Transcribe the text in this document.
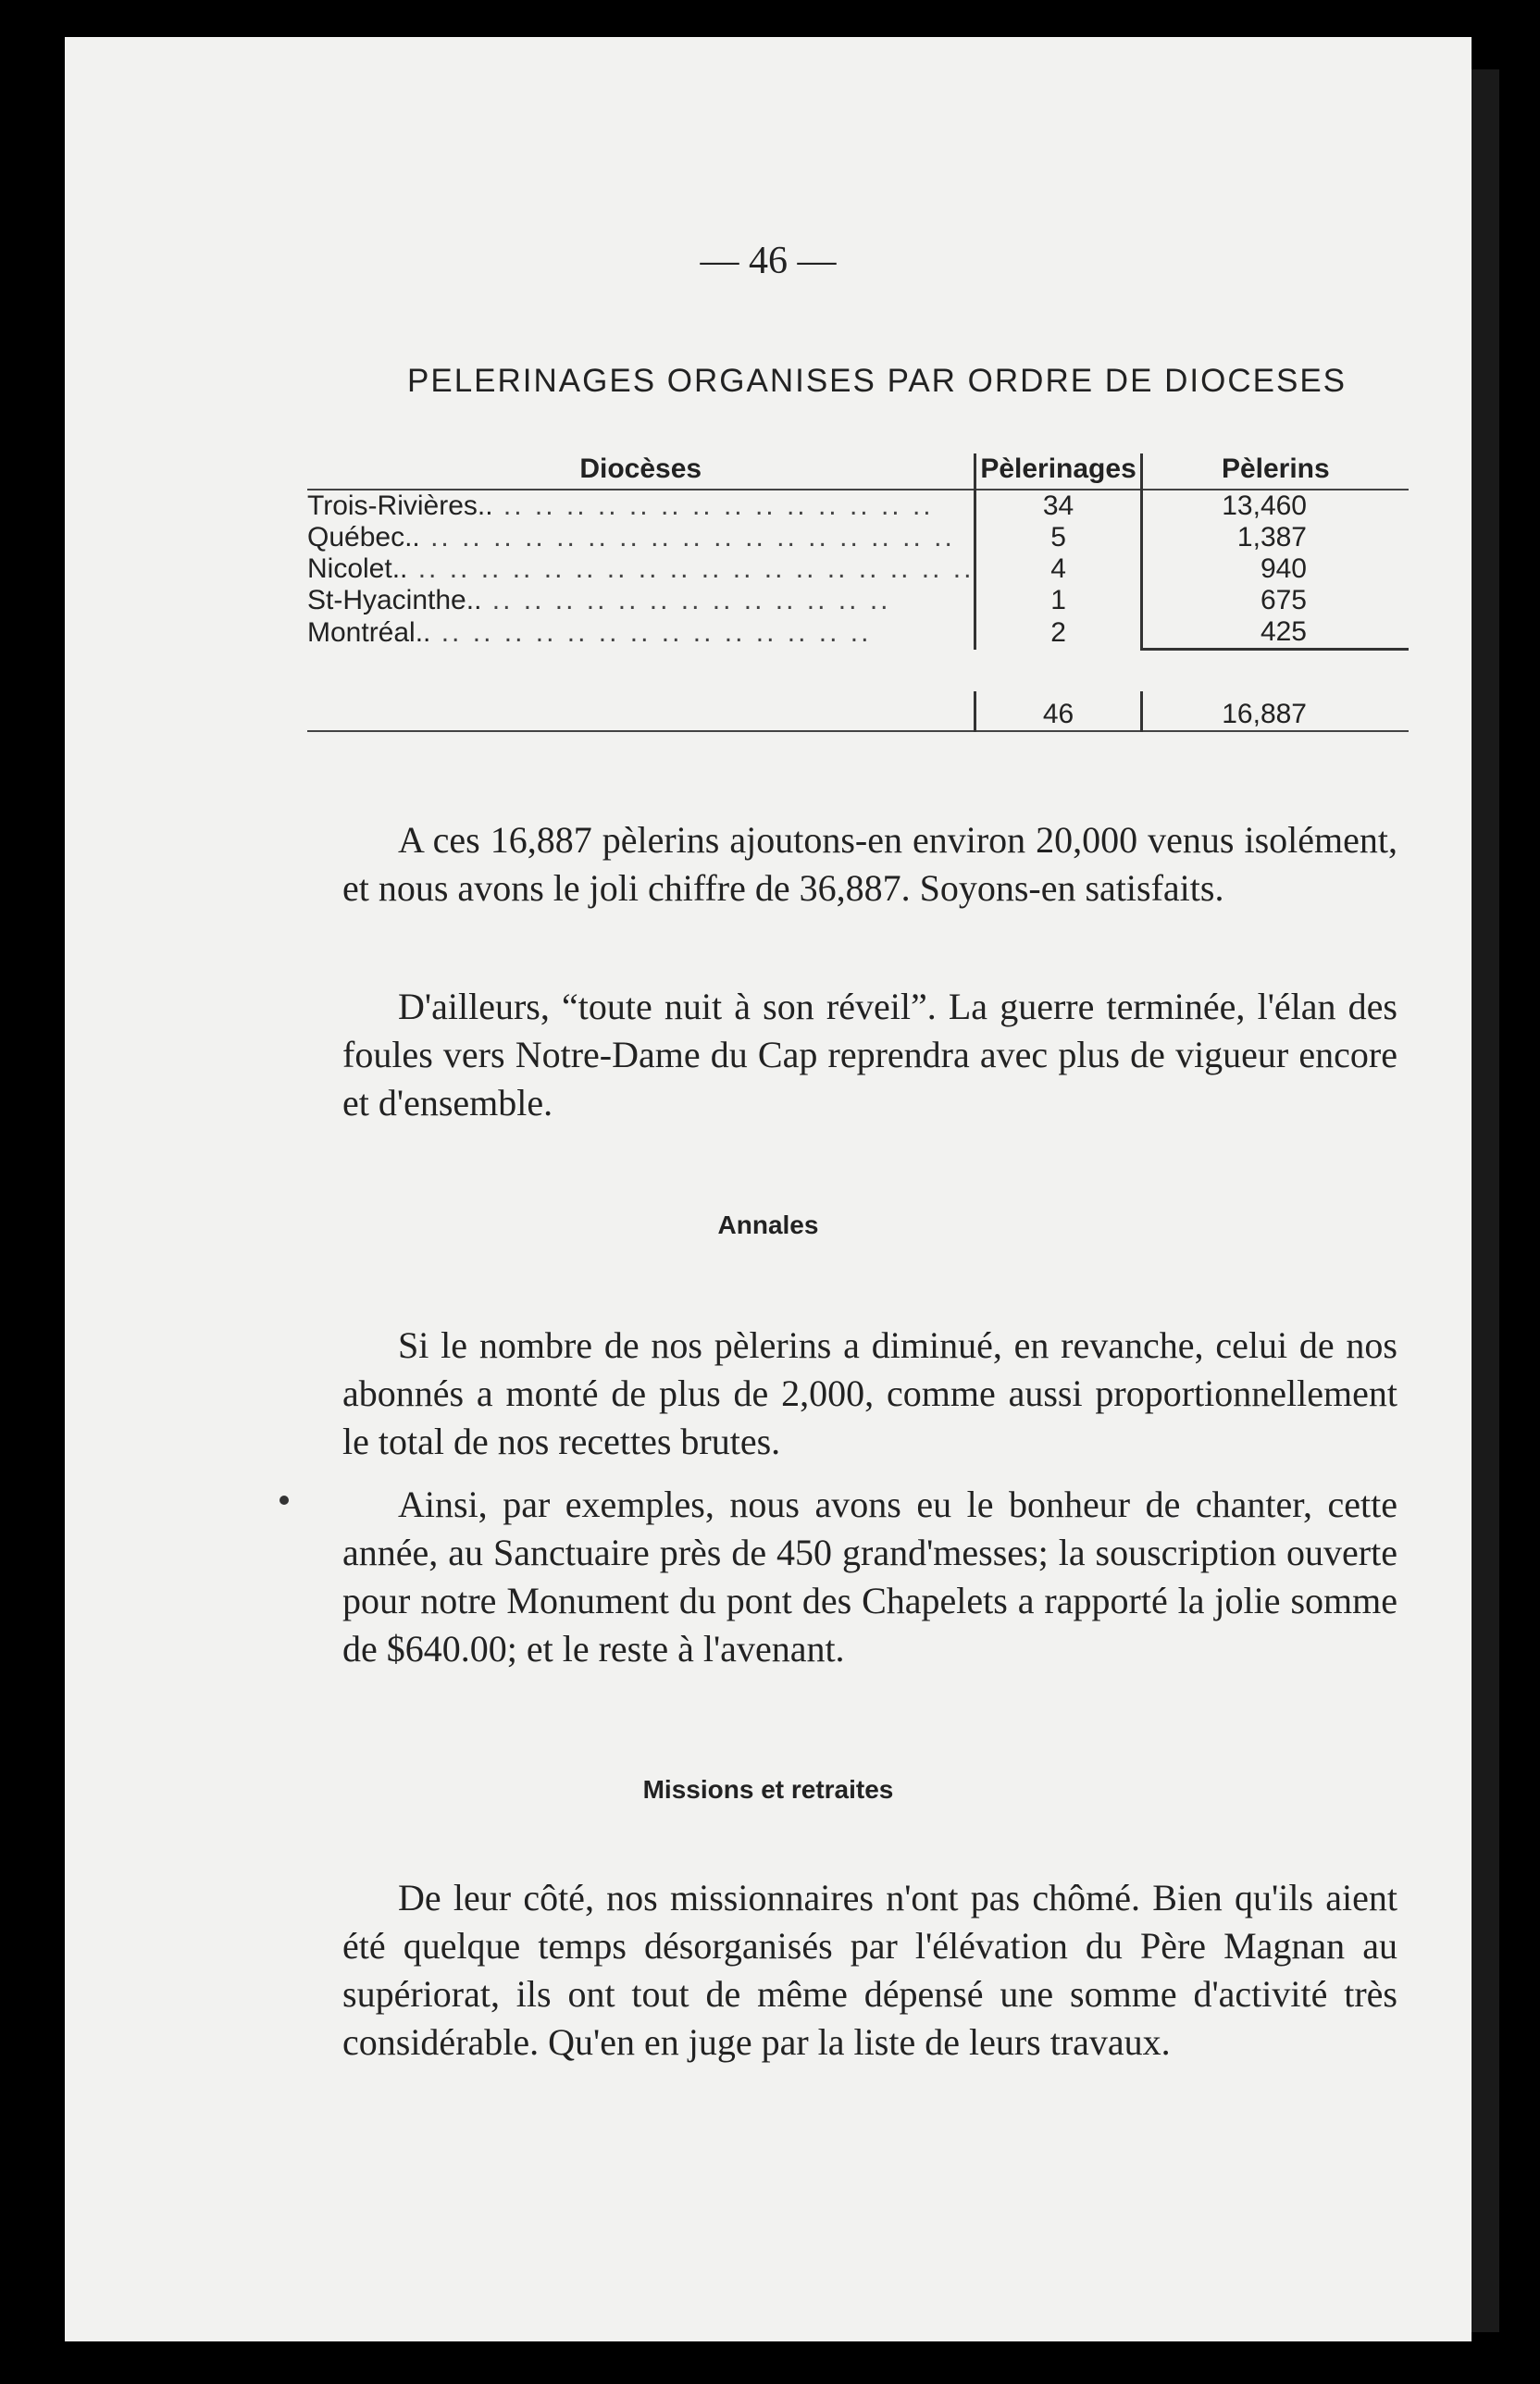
— 46 —
PELERINAGES ORGANISES PAR ORDRE DE DIOCESES
Diocèses	Pèlerinages	Pèlerins
Trois-Rivières.. .. .. .. .. .. .. .. .. .. .. .. .. .. ..	34	13,460
Québec.. .. .. .. .. .. .. .. .. .. .. .. .. .. .. .. .. ..	5	1,387
Nicolet.. .. .. .. .. .. .. .. .. .. .. .. .. .. .. .. .. .. ..	4	940
St-Hyacinthe.. .. .. .. .. .. .. .. .. .. .. .. .. ..	1	675
Montréal.. .. .. .. .. .. .. .. .. .. .. .. .. .. ..	2	425

	46	16,887

A ces 16,887 pèlerins ajoutons-en environ 20,000 venus isolément, et nous avons le joli chiffre de 36,887. Soyons-en satisfaits.

D'ailleurs, “toute nuit à son réveil”. La guerre terminée, l'élan des foules vers Notre-Dame du Cap reprendra avec plus de vigueur encore et d'ensemble.

Annales

Si le nombre de nos pèlerins a diminué, en revanche, celui de nos abonnés a monté de plus de 2,000, comme aussi proportionnellement le total de nos recettes brutes.

Ainsi, par exemples, nous avons eu le bonheur de chanter, cette année, au Sanctuaire près de 450 grand'messes; la souscription ouverte pour notre Monument du pont des Chapelets a rapporté la jolie somme de $640.00; et le reste à l'avenant.

Missions et retraites

De leur côté, nos missionnaires n'ont pas chômé. Bien qu'ils aient été quelque temps désorganisés par l'élévation du Père Magnan au supériorat, ils ont tout de même dépensé une somme d'activité très considérable. Qu'en en juge par la liste de leurs travaux.
